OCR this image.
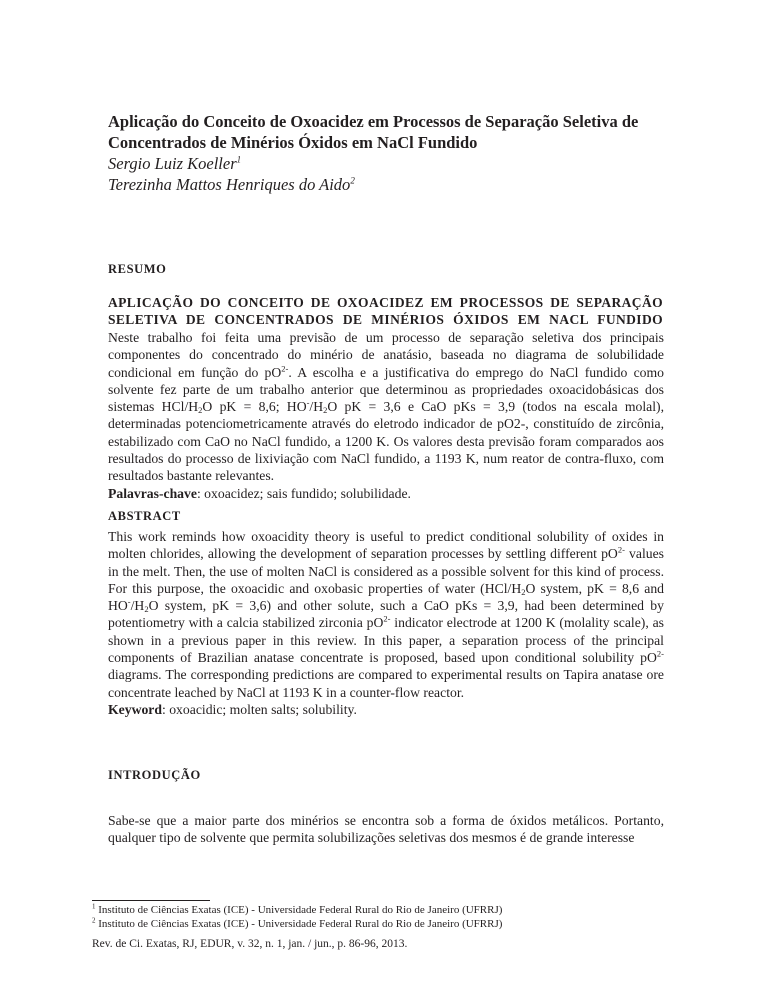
Aplicação do Conceito de Oxoacidez em Processos de Separação Seletiva de Concentrados de Minérios Óxidos em NaCl Fundido

Sergio Luiz Koeller$^1$

Terezinha Mattos Henriques do Aido$^2$

RESUMO
APLICAÇÃO DO CONCEITO DE OXOACIDEZ EM PROCESSOS DE SEPARAÇÃO SELETIVA DE CONCENTRADOS DE MINÉRIOS ÓXIDOS EM NACL FUNDIDO

Neste trabalho foi feita uma previsão de um processo de separação seletiva dos principais componentes do concentrado do minério de anatásio, baseada no diagrama de solubilidade condicional em função do $pO^{2-}$. A escolha e a justificativa do emprego do NaCl fundido como solvente fez parte de um trabalho anterior que determinou as propriedades oxoacidobásicas dos sistemas HCl/$H_2O$ pK = 8,6; $HO^-/H_2O$ pK = 3,6 e CaO pKs = 3,9 (todos na escala molal), determinadas potenciometricamente através do eletrodo indicador de pO2-, constituído de zircônia, estabilizado com CaO no NaCl fundido, a 1200 K. Os valores desta previsão foram comparados aos resultados do processo de lixiviação com NaCl fundido, a 1193 K, num reator de contra-fluxo, com resultados bastante relevantes.

Palavras-chave: oxoacidez; sais fundido; solubilidade.

ABSTRACT

This work reminds how oxoacidity theory is useful to predict conditional solubility of oxides in molten chlorides, allowing the development of separation processes by settling different $pO^{2-}$ values in the melt. Then, the use of molten NaCl is considered as a possible solvent for this kind of process. For this purpose, the oxoacidic and oxobasic properties of water ($HCl/H_2O$ system, pK = 8,6 and $HO^-/H_2O$ system, pK = 3,6) and other solute, such a CaO pKs = 3,9, had been determined by potentiometry with a calcia stabilized zirconia $pO^{2-}$ indicator electrode at 1200 K (molality scale), as shown in a previous paper in this review. In this paper, a separation process of the principal components of Brazilian anatase concentrate is proposed, based upon conditional solubility $pO^{2-}$ diagrams. The corresponding predictions are compared to experimental results on Tapira anatase ore concentrate leached by NaCl at 1193 K in a counter-flow reactor.

Keyword: oxoacidic; molten salts; solubility.

INTRODUÇÃO

Sabe-se que a maior parte dos minérios se encontra sob a forma de óxidos metálicos. Portanto, qualquer tipo de solvente que permita solubilizações seletivas dos mesmos é de grande interesse

$^1$ Instituto de Ciências Exatas (ICE) - Universidade Federal Rural do Rio de Janeiro (UFRRJ)

$^2$ Instituto de Ciências Exatas (ICE) - Universidade Federal Rural do Rio de Janeiro (UFRRJ)

Rev. de Ci. Exatas, RJ, EDUR, v. 32, n. 1, jan. / jun., p. 86-96, 2013.
